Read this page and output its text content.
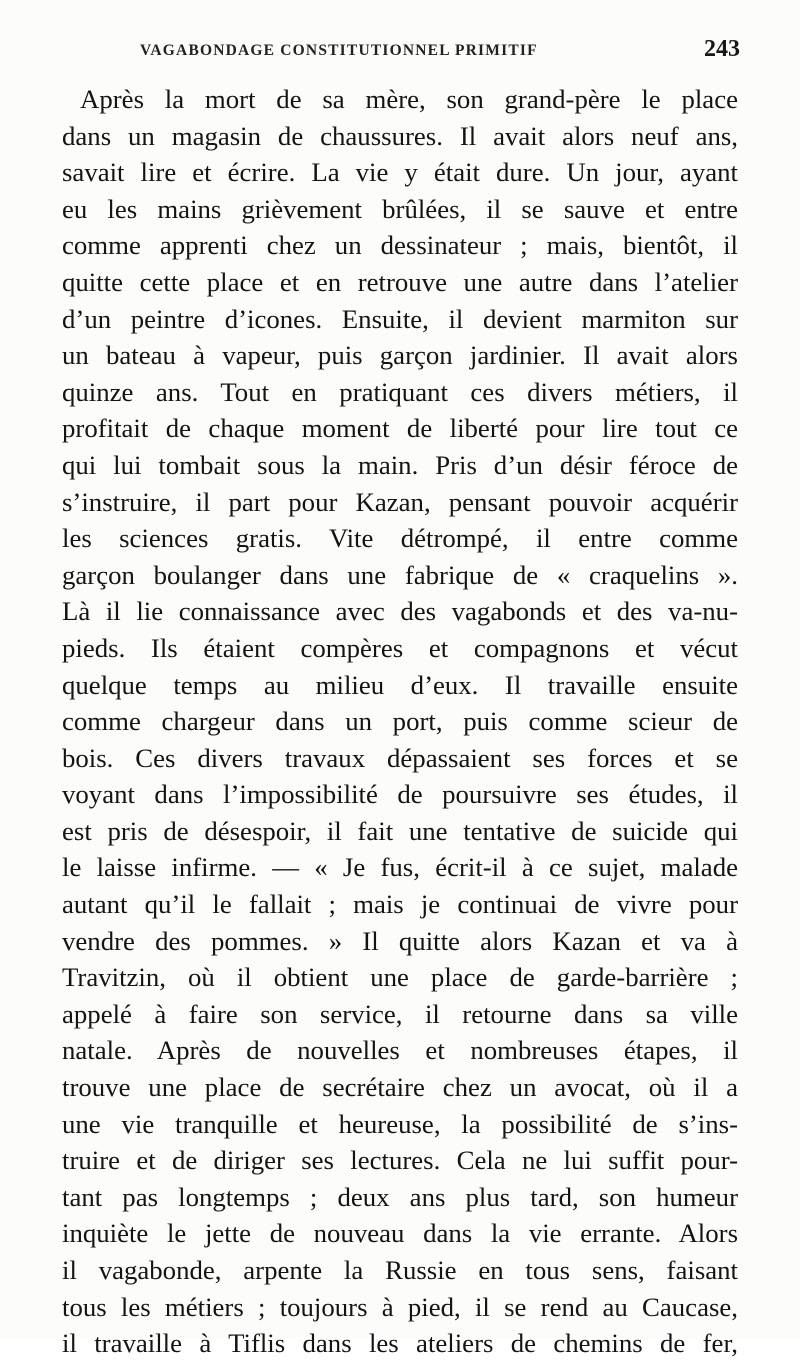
VAGABONDAGE CONSTITUTIONNEL PRIMITIF	243
Après la mort de sa mère, son grand-père le place
dans un magasin de chaussures. Il avait alors neuf ans,
savait lire et écrire. La vie y était dure. Un jour, ayant
eu les mains grièvement brûlées, il se sauve et entre
comme apprenti chez un dessinateur ; mais, bientôt, il
quitte cette place et en retrouve une autre dans l’atelier
d’un peintre d’icones. Ensuite, il devient marmiton sur
un bateau à vapeur, puis garçon jardinier. Il avait alors
quinze ans. Tout en pratiquant ces divers métiers, il
profitait de chaque moment de liberté pour lire tout ce
qui lui tombait sous la main. Pris d’un désir féroce de
s’instruire, il part pour Kazan, pensant pouvoir acquérir
les sciences gratis. Vite détrompé, il entre comme
garçon boulanger dans une fabrique de « craquelins ».
Là il lie connaissance avec des vagabonds et des va-nu-
pieds. Ils étaient compères et compagnons et vécut
quelque temps au milieu d’eux. Il travaille ensuite
comme chargeur dans un port, puis comme scieur de
bois. Ces divers travaux dépassaient ses forces et se
voyant dans l’impossibilité de poursuivre ses études, il
est pris de désespoir, il fait une tentative de suicide qui
le laisse infirme. — « Je fus, écrit-il à ce sujet, malade
autant qu’il le fallait ; mais je continuai de vivre pour
vendre des pommes. » Il quitte alors Kazan et va à
Travitzin, où il obtient une place de garde-barrière ;
appelé à faire son service, il retourne dans sa ville
natale. Après de nouvelles et nombreuses étapes, il
trouve une place de secrétaire chez un avocat, où il a
une vie tranquille et heureuse, la possibilité de s’ins-
truire et de diriger ses lectures. Cela ne lui suffit pour-
tant pas longtemps ; deux ans plus tard, son humeur
inquiète le jette de nouveau dans la vie errante. Alors
il vagabonde, arpente la Russie en tous sens, faisant
tous les métiers ; toujours à pied, il se rend au Caucase,
il travaille à Tiflis dans les ateliers de chemins de fer,
